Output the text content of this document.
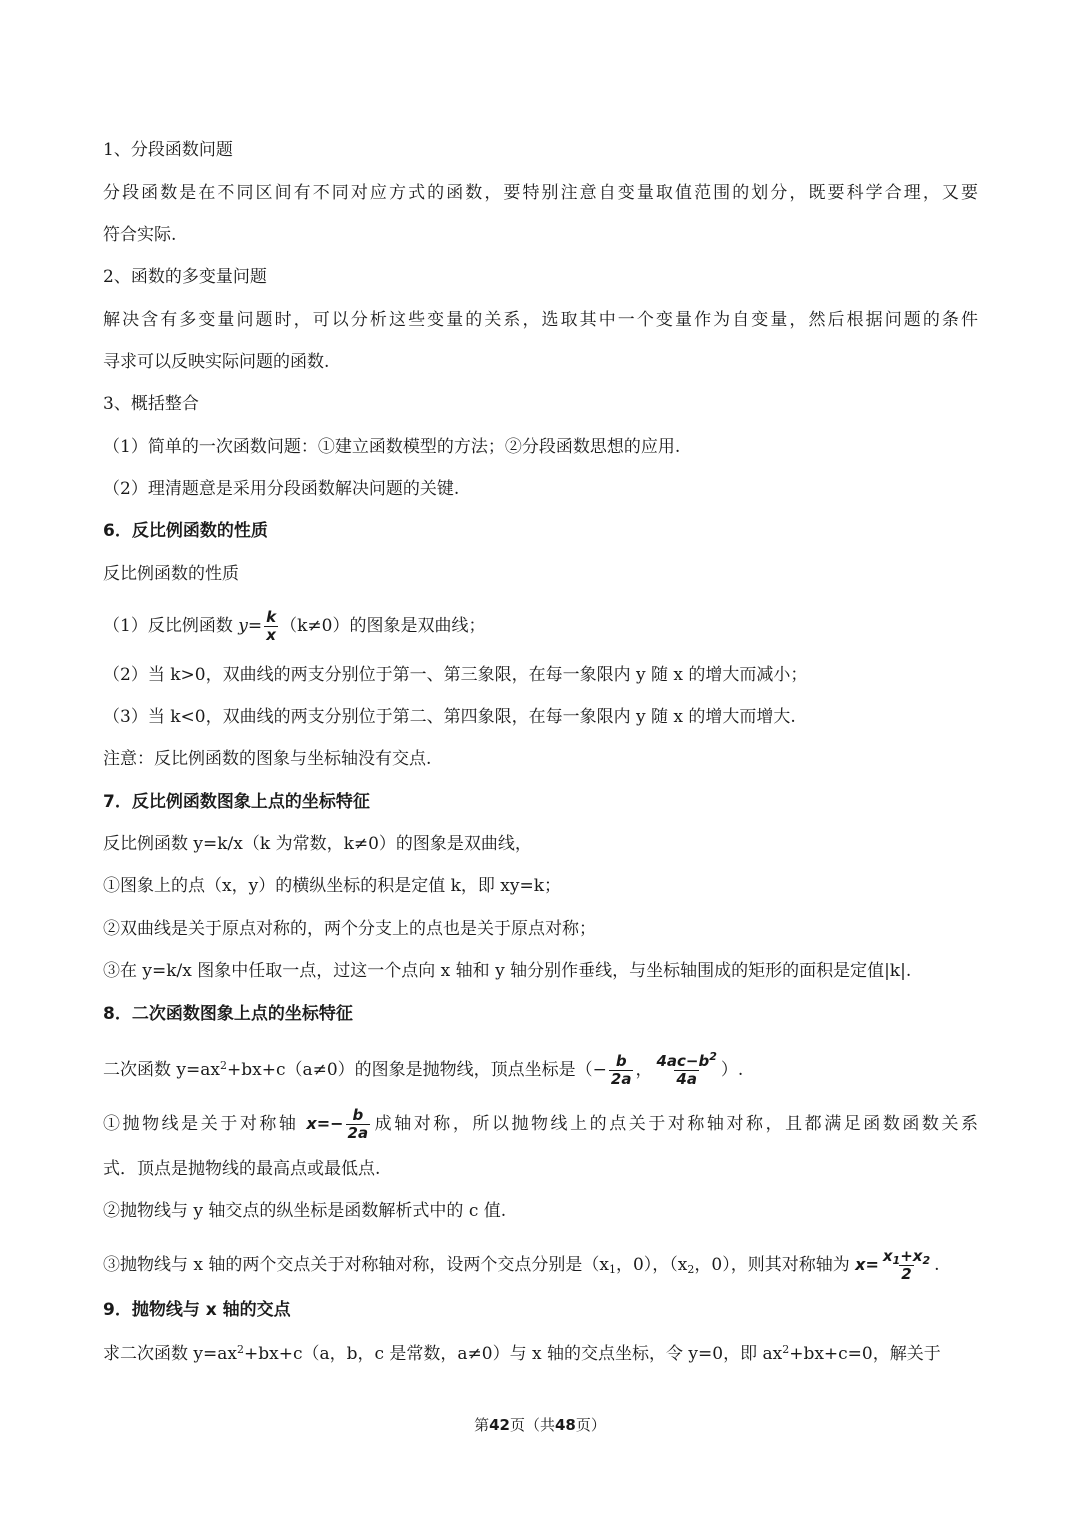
1、分段函数问题
分段函数是在不同区间有不同对应方式的函数，要特别注意自变量取值范围的划分，既要科学合理，又要
符合实际.
2、函数的多变量问题
解决含有多变量问题时，可以分析这些变量的关系，选取其中一个变量作为自变量，然后根据问题的条件
寻求可以反映实际问题的函数.
3、概括整合
（1）简单的一次函数问题：①建立函数模型的方法；②分段函数思想的应用.
（2）理清题意是采用分段函数解决问题的关键.
6．反比例函数的性质
反比例函数的性质
（1）反比例函数 $y= \frac{k}{x} (k\ne 0)$的图象是双曲线；
（2）当 k>0，双曲线的两支分别位于第一、第三象限，在每一象限内 y 随 x 的增大而减小；
（3）当 k<0，双曲线的两支分别位于第二、第四象限，在每一象限内 y 随 x 的增大而增大.
注意：反比例函数的图象与坐标轴没有交点.
7．反比例函数图象上点的坐标特征
反比例函数 y=k/x（k 为常数，k≠0）的图象是双曲线，
①图象上的点（x，y）的横纵坐标的积是定值 k，即 xy=k；
②双曲线是关于原点对称的，两个分支上的点也是关于原点对称；
③在 y=k/x 图象中任取一点，过这一个点向 x 轴和 y 轴分别作垂线，与坐标轴围成的矩形的面积是定值|k|.
8．二次函数图象上点的坐标特征
二次函数 $y=ax^2+bx+c(a\ne 0)$的图象是抛物线，顶点坐标是（− $\frac{b}{2a}$ ， $\frac{4ac-b^2}{4a}$ ）.
①抛物线是关于对称轴 $x=- \frac{b}{2a}$ 成轴对称，所以抛物线上的点关于对称轴对称，且都满足函数函数关系
式．顶点是抛物线的最高点或最低点.
②抛物线与 y 轴交点的纵坐标是函数解析式中的 c 值.
③抛物线与 x 轴的两个交点关于对称轴对称，设两个交点分别是（$x_1$，0），（$x_2$，0），则其对称轴为 $x= \frac{x_1+x_2}{2}$ .
9．抛物线与 x 轴的交点
求二次函数 $y=ax^2+bx+c(a$，b，c 是常数，a≠0）与 x 轴的交点坐标，令 y=0，即 $ax^2+bx+c=0$，解关于
第42页（共48页）
